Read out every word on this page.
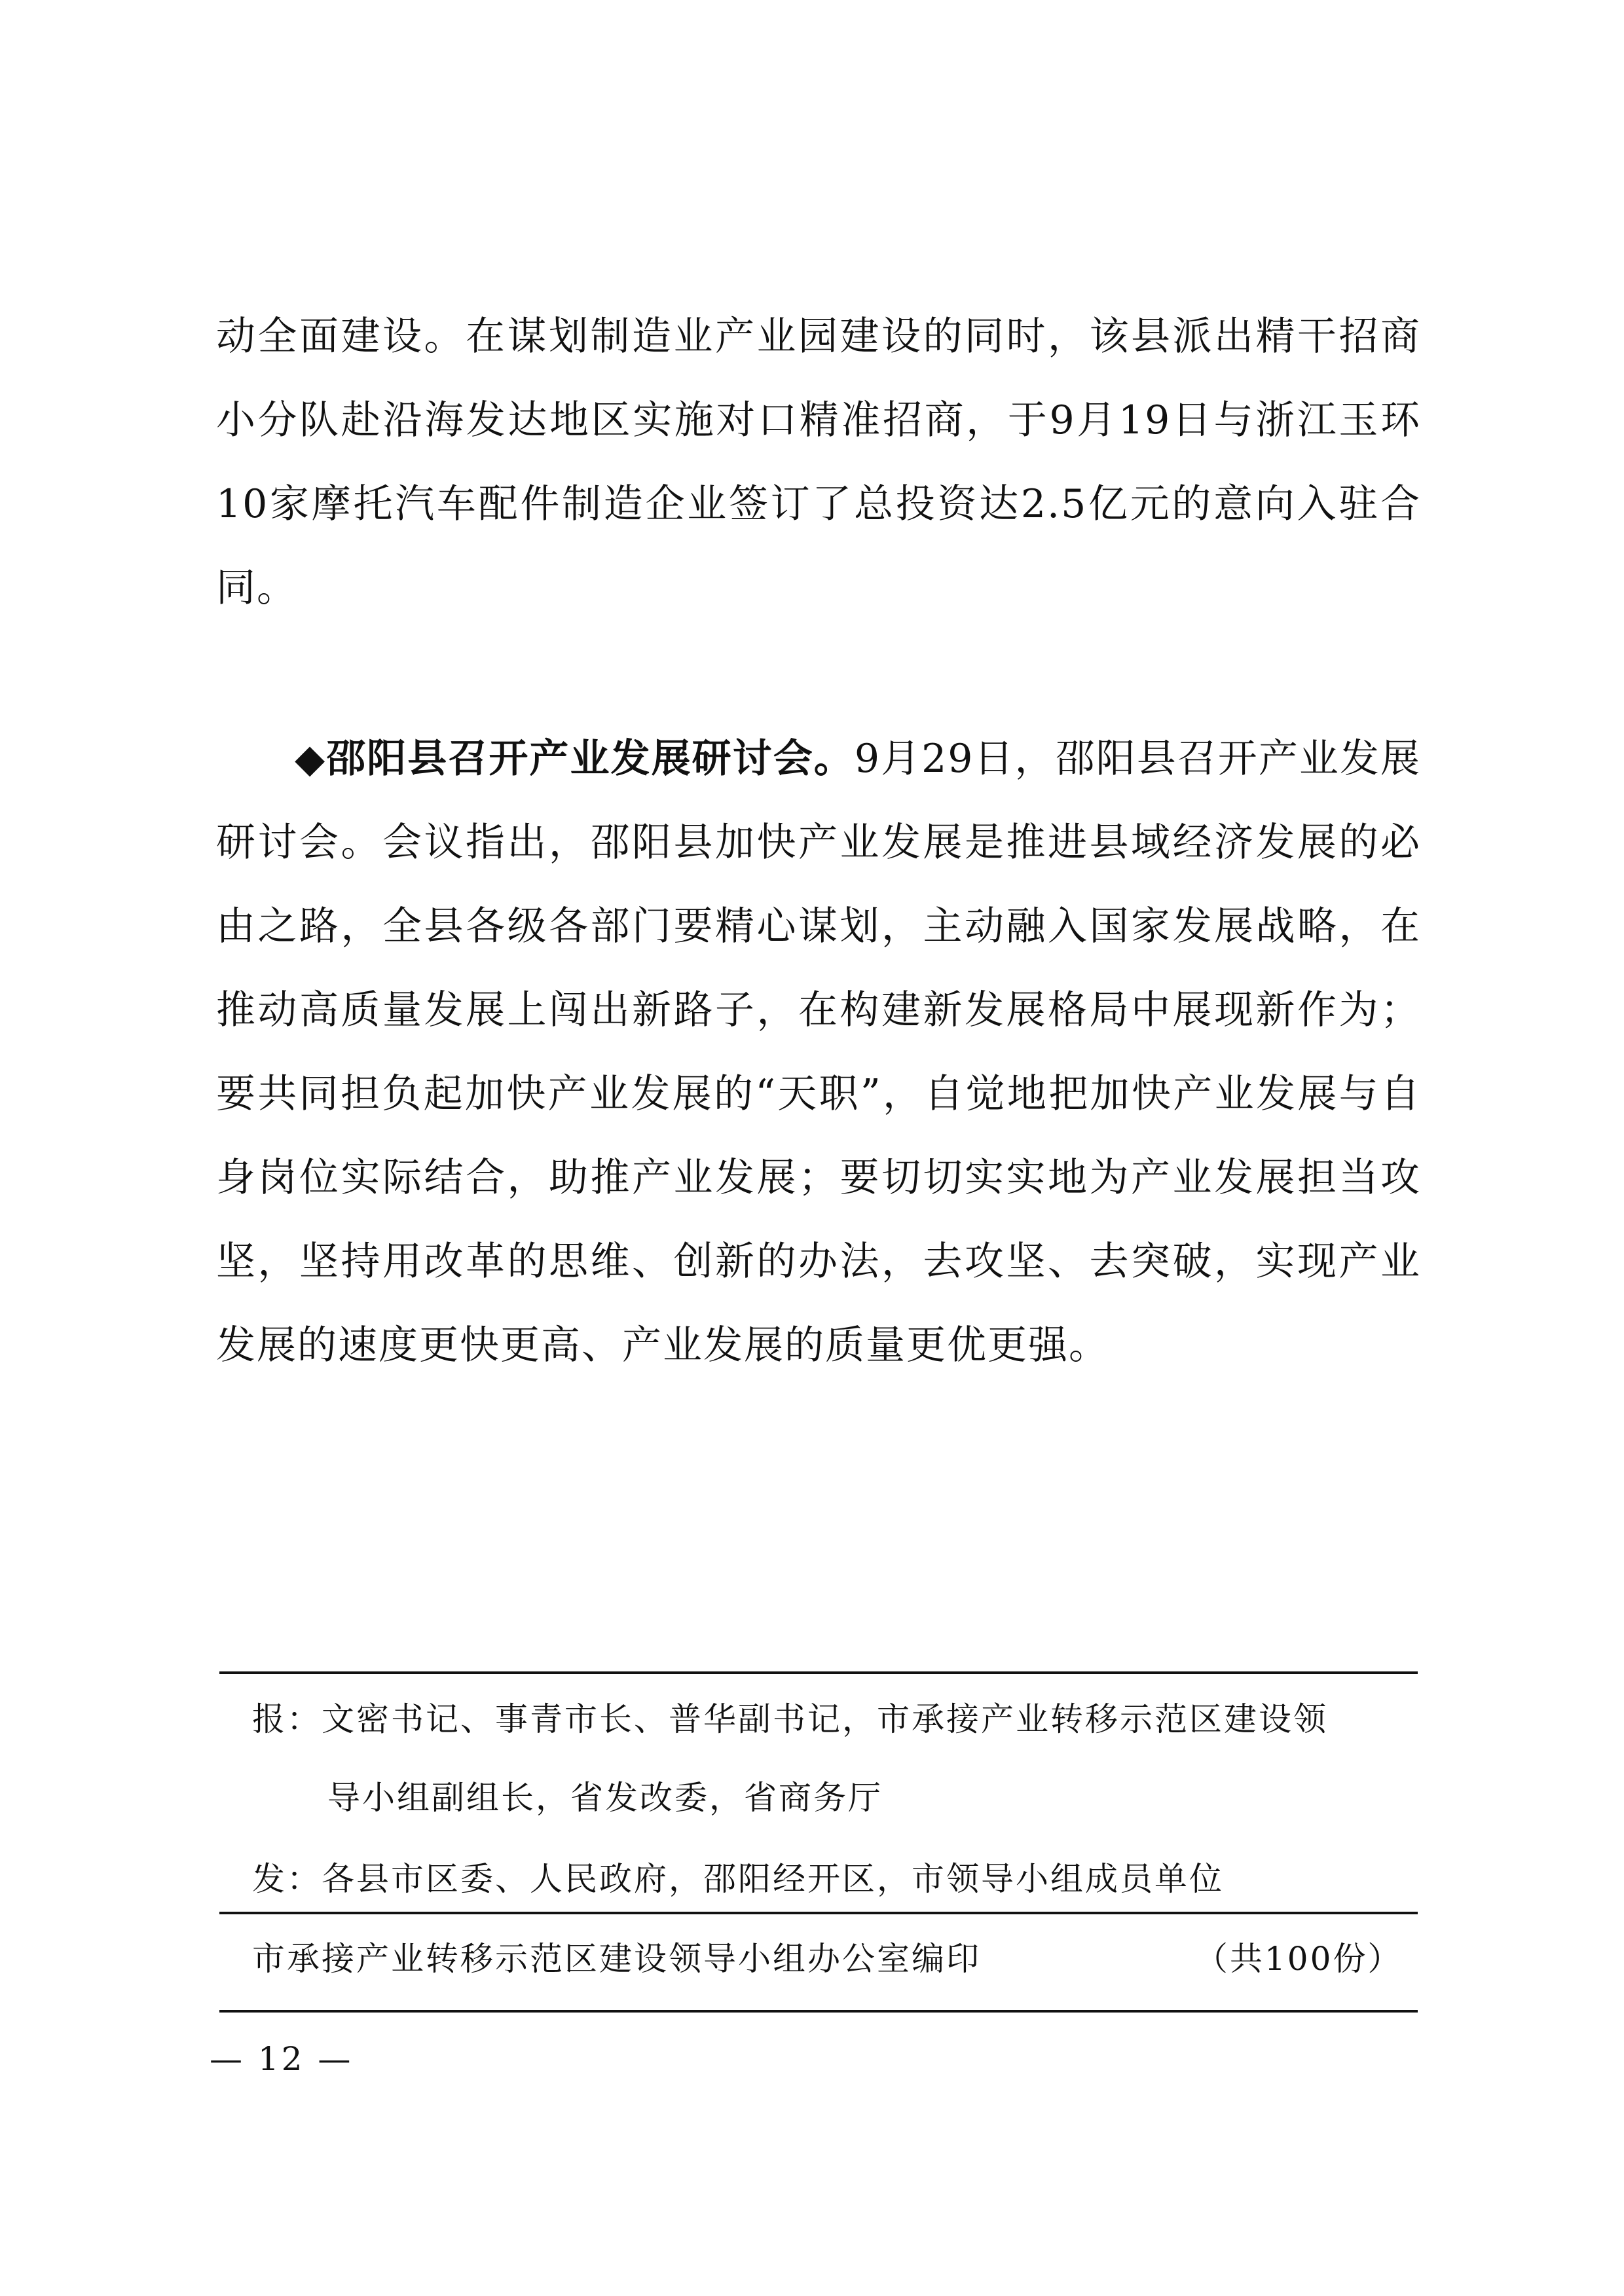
动全面建设。在谋划制造业产业园建设的同时，该县派出精干招商小分队赴沿海发达地区实施对口精准招商，于9月19日与浙江玉环10家摩托汽车配件制造企业签订了总投资达2.5亿元的意向入驻合同。

◆邵阳县召开产业发展研讨会。9月29日，邵阳县召开产业发展研讨会。会议指出，邵阳县加快产业发展是推进县域经济发展的必由之路，全县各级各部门要精心谋划，主动融入国家发展战略，在推动高质量发展上闯出新路子，在构建新发展格局中展现新作为；要共同担负起加快产业发展的“天职”，自觉地把加快产业发展与自身岗位实际结合，助推产业发展；要切切实实地为产业发展担当攻坚，坚持用改革的思维、创新的办法，去攻坚、去突破，实现产业发展的速度更快更高、产业发展的质量更优更强。

报：文密书记、事青市长、普华副书记，市承接产业转移示范区建设领
导小组副组长，省发改委，省商务厅
发：各县市区委、人民政府，邵阳经开区，市领导小组成员单位
市承接产业转移示范区建设领导小组办公室编印	（共100份）
— 12 —
